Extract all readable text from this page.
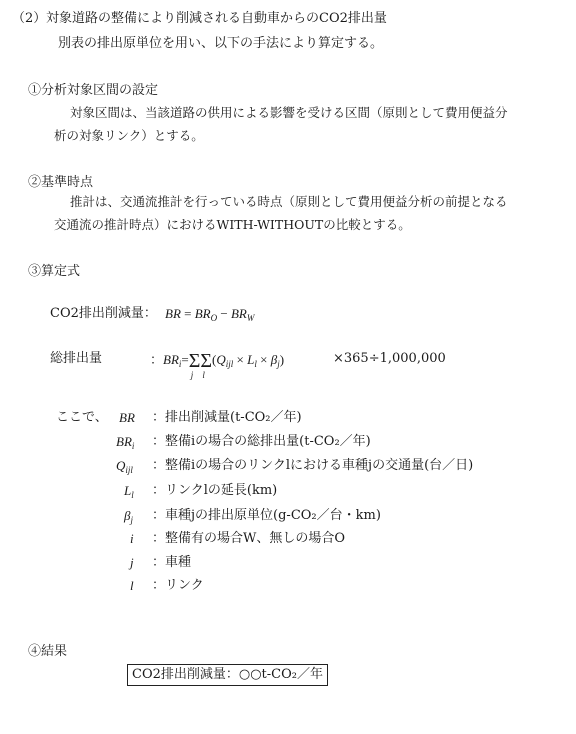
（2） 対象道路の整備により削減される自動車からのCO2排出量
別表の排出原単位を用い、以下の手法により算定する。
①分析対象区間の設定
対象区間は、当該道路の供用による影響を受ける区間（原則として費用便益分
析の対象リンク）とする。
②基準時点
推計は、交通流推計を行っている時点（原則として費用便益分析の前提となる
交通流の推計時点）におけるWITH-WITHOUTの比較とする。
③算定式
CO2排出削減量： BR = $BR_O - BR_W$
総排出量	：$BR_i=\Sigma$
j
Σ
l
$(Q_{ijl} \times L_l \times \beta_j)$	×365÷1,000,000
ここで、 BR ：排出削減量(t-CO₂／年)
$BR_i$ ：整備iの場合の総排出量(t-CO₂／年)
$Q_{ijl}$ ：整備iの場合のリンクlにおける車種jの交通量(台／日)
$L_l$ ：リンクlの延長(km)
$\beta_j$ ：車種jの排出原単位(g-CO₂／台・km)
i ：整備有の場合W、無しの場合O
j ：車種
l ：リンク
④結果
CO2排出削減量：○○t-CO₂／年
